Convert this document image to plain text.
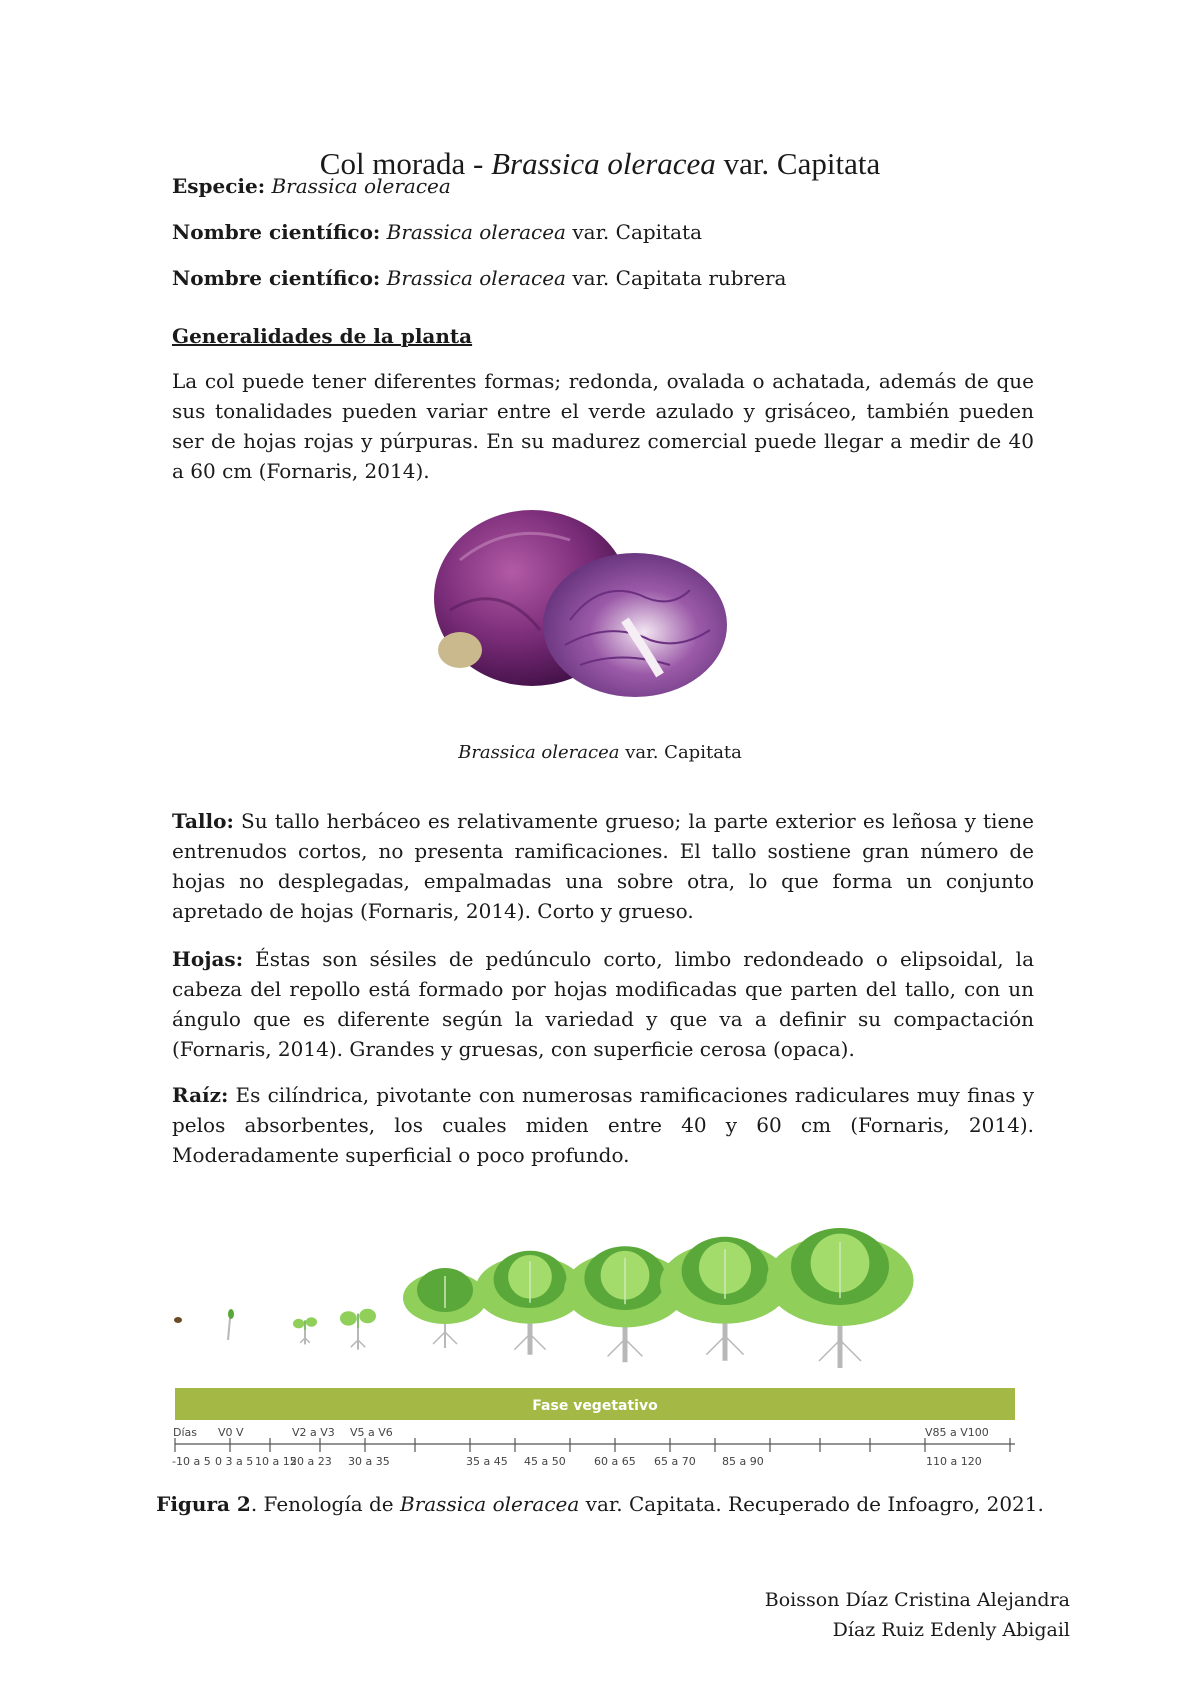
Col morada - Brassica oleracea var. Capitata
Especie: Brassica oleracea
Nombre científico: Brassica oleracea var. Capitata
Nombre científico: Brassica oleracea var. Capitata rubrera
Generalidades de la planta
La col puede tener diferentes formas; redonda, ovalada o achatada, además de que sus tonalidades pueden variar entre el verde azulado y grisáceo, también pueden ser de hojas rojas y púrpuras. En su madurez comercial puede llegar a medir de 40 a 60 cm (Fornaris, 2014).
Brassica oleracea var. Capitata
Tallo: Su tallo herbáceo es relativamente grueso; la parte exterior es leñosa y tiene entrenudos cortos, no presenta ramificaciones. El tallo sostiene gran número de hojas no desplegadas, empalmadas una sobre otra, lo que forma un conjunto apretado de hojas (Fornaris, 2014). Corto y grueso.
Hojas: Éstas son sésiles de pedúnculo corto, limbo redondeado o elipsoidal, la cabeza del repollo está formado por hojas modificadas que parten del tallo, con un ángulo que es diferente según la variedad y que va a definir su compactación (Fornaris, 2014). Grandes y gruesas, con superficie cerosa (opaca).
Raíz: Es cilíndrica, pivotante con numerosas ramificaciones radiculares muy finas y pelos absorbentes, los cuales miden entre 40 y 60 cm (Fornaris, 2014). Moderadamente superficial o poco profundo.
Fase vegetativo
Días V0 V	V2 a V3 V5 a V6	V85 a V100
-10 a 5 0 3 a 5 10 a 15
20 a 23 30 a 35	35 a 45 45 a 50	60 a 65 65 a 70 85 a 90	110 a 120
Figura 2. Fenología de Brassica oleracea var. Capitata. Recuperado de Infoagro, 2021.
Boisson Díaz Cristina Alejandra
Díaz Ruiz Edenly Abigail
